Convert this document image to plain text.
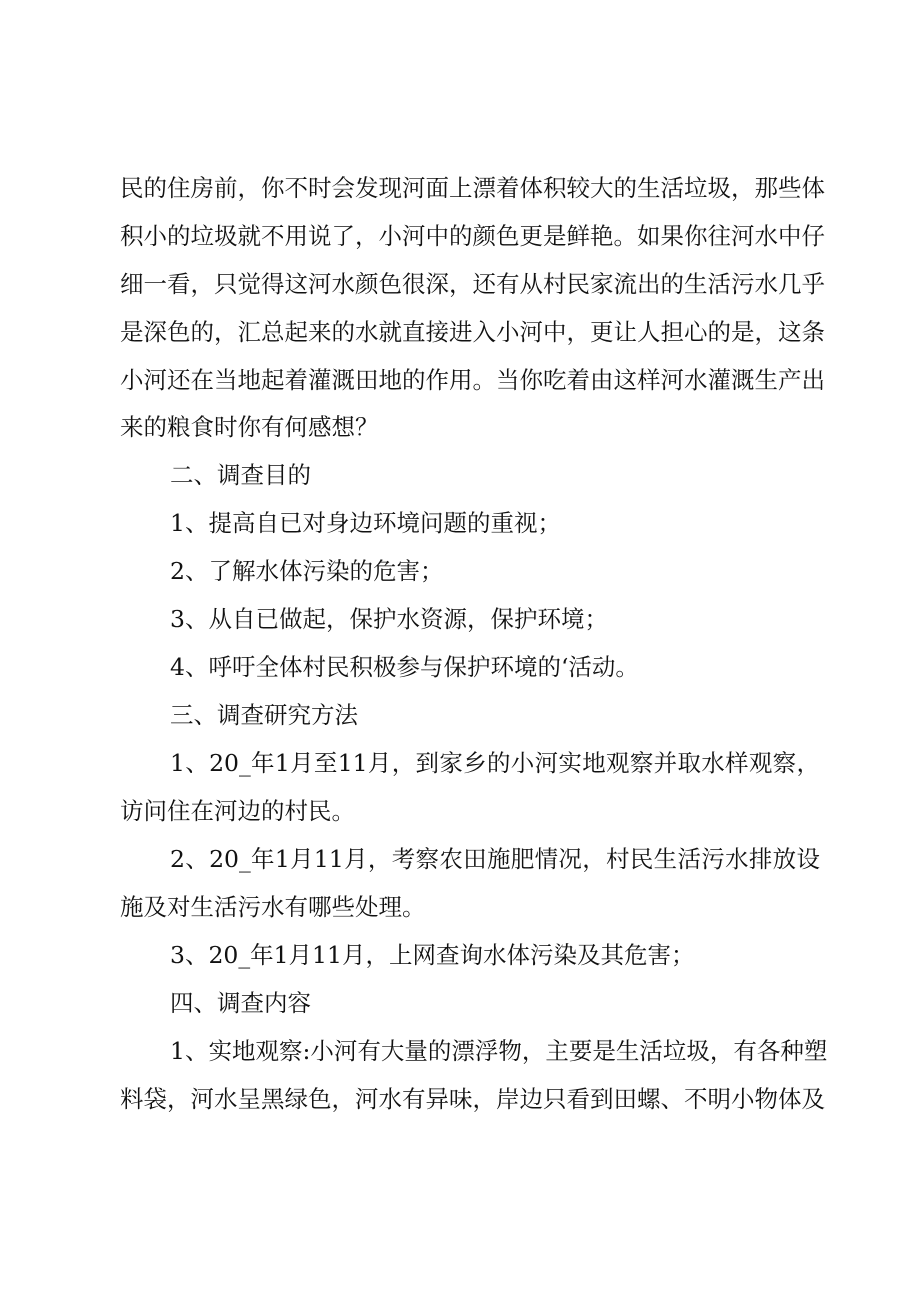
民的住房前，你不时会发现河面上漂着体积较大的生活垃圾，那些体
积小的垃圾就不用说了，小河中的颜色更是鲜艳。如果你往河水中仔
细一看，只觉得这河水颜色很深，还有从村民家流出的生活污水几乎
是深色的，汇总起来的水就直接进入小河中，更让人担心的是，这条
小河还在当地起着灌溉田地的作用。当你吃着由这样河水灌溉生产出
来的粮食时你有何感想？
二、调查目的
1、提高自已对身边环境问题的重视；
2、了解水体污染的危害；
3、从自已做起，保护水资源，保护环境；
4、呼吁全体村民积极参与保护环境的‘活动。
三、调查研究方法
1、20_年1月至11月，到家乡的小河实地观察并取水样观察，
访问住在河边的村民。
2、20_年1月11月，考察农田施肥情况，村民生活污水排放设
施及对生活污水有哪些处理。
3、20_年1月11月，上网查询水体污染及其危害；
四、调查内容
1、实地观察:小河有大量的漂浮物，主要是生活垃圾，有各种塑
料袋，河水呈黑绿色，河水有异味，岸边只看到田螺、不明小物体及
